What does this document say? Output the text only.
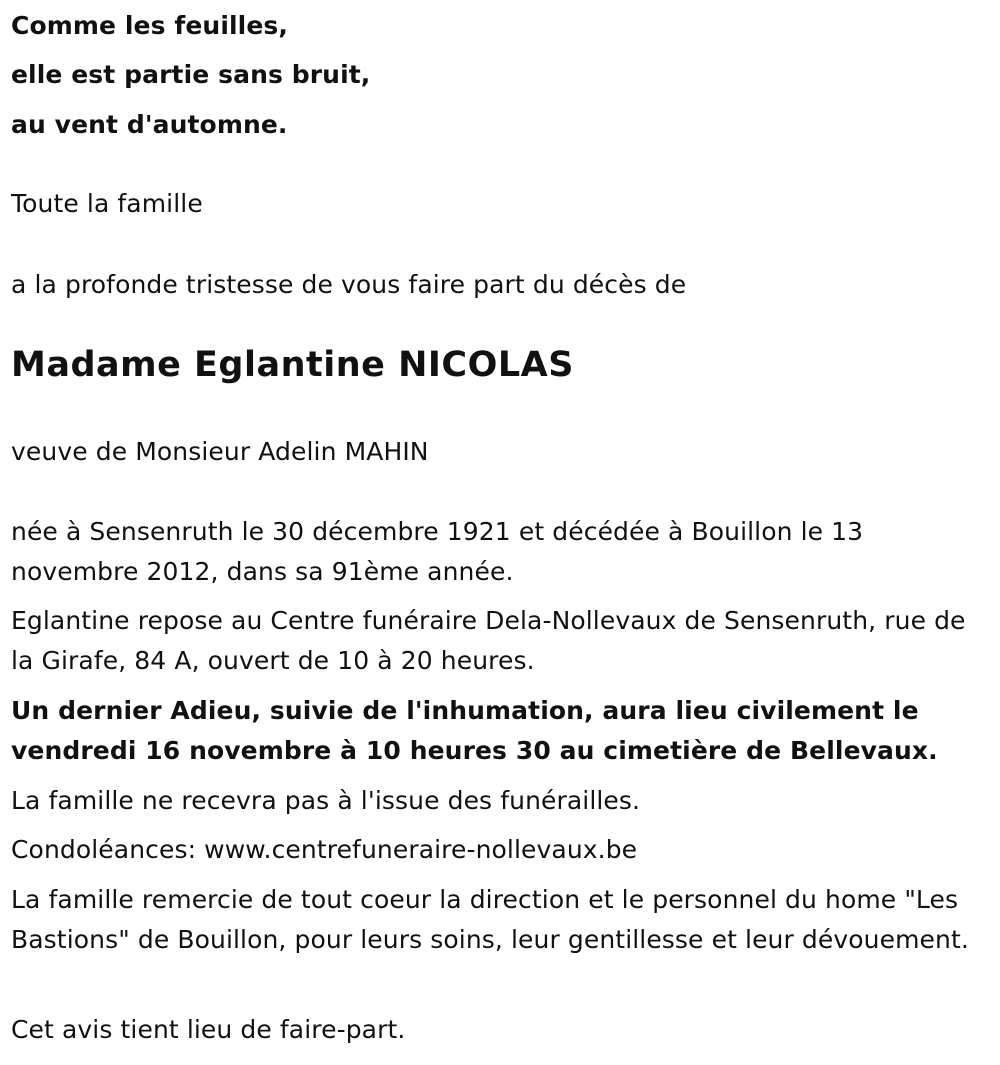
Comme les feuilles,
elle est partie sans bruit,
au vent d'automne.
Toute la famille
a la profonde tristesse de vous faire part du décès de
Madame Eglantine NICOLAS
veuve de Monsieur Adelin MAHIN
née à Sensenruth le 30 décembre 1921 et décédée à Bouillon le 13 novembre 2012, dans sa 91ème année.
Eglantine repose au Centre funéraire Dela-Nollevaux de Sensenruth, rue de la Girafe, 84 A, ouvert de 10 à 20 heures.
Un dernier Adieu, suivie de l'inhumation, aura lieu civilement le vendredi 16 novembre à 10 heures 30 au cimetière de Bellevaux.
La famille ne recevra pas à l'issue des funérailles.
Condoléances: www.centrefuneraire-nollevaux.be
La famille remercie de tout coeur la direction et le personnel du home "Les Bastions" de Bouillon, pour leurs soins, leur gentillesse et leur dévouement.
Cet avis tient lieu de faire-part.
